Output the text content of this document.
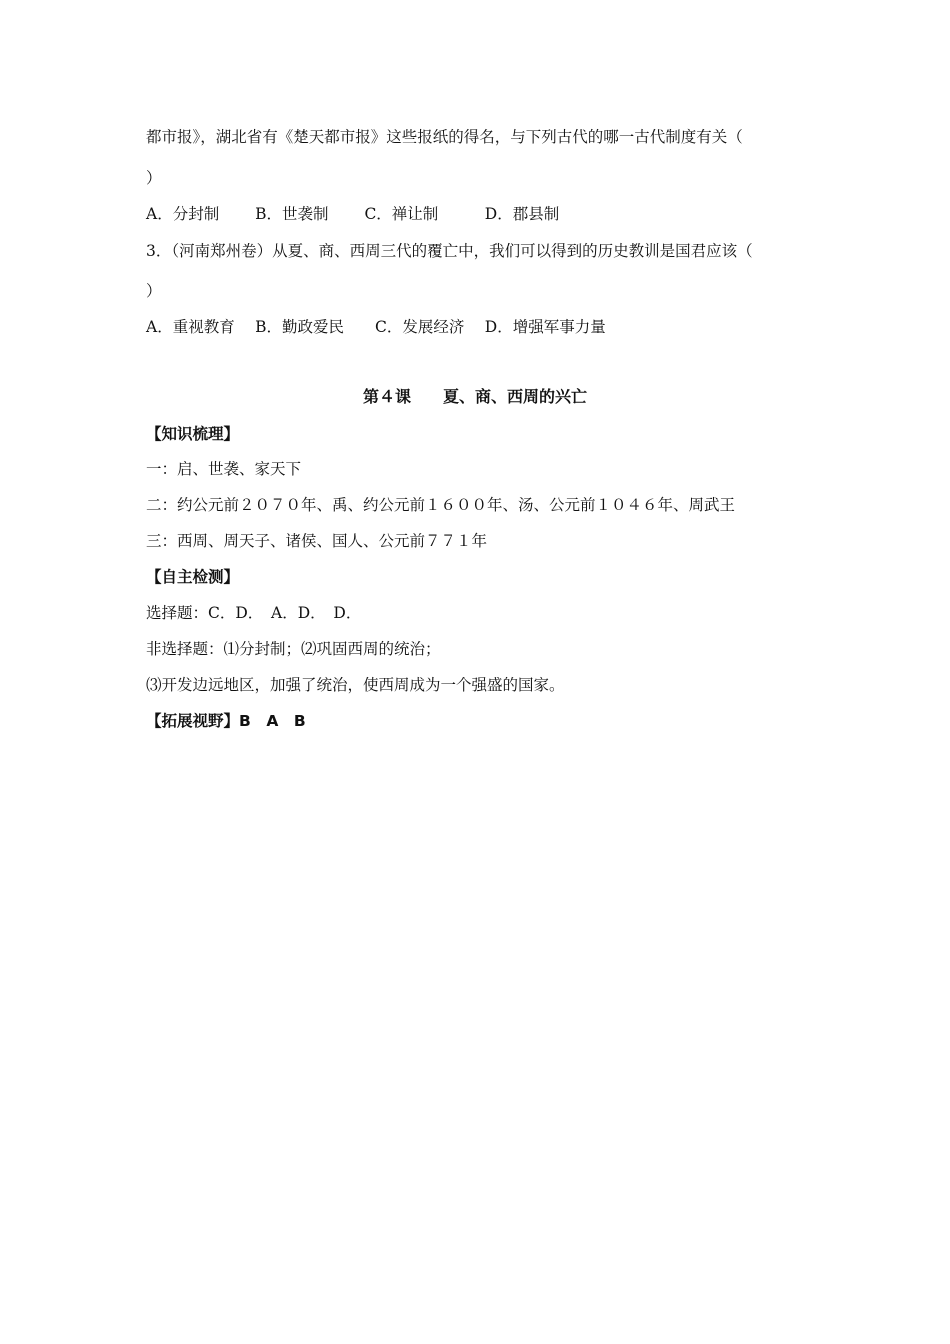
都市报》，湖北省有《楚天都市报》这些报纸的得名，与下列古代的哪一古代制度有关（
）
A．分封制　　 B．世袭制　　 C．禅让制　　　D．郡县制
3．（河南郑州卷）从夏、商、西周三代的覆亡中，我们可以得到的历史教训是国君应该（
）
A．重视教育　 B．勤政爱民　　C．发展经济　 D．增强军事力量
第４课　　夏、商、西周的兴亡
【知识梳理】
一：启、世袭、家天下
二：约公元前２０７０年、禹、约公元前１６００年、汤、公元前１０４６年、周武王
三：西周、周天子、诸侯、国人、公元前７７１年
【自主检测】
选择题：C．D．　A．D．　D．
非选择题：⑴分封制；⑵巩固西周的统治；
⑶开发边远地区，加强了统治，使西周成为一个强盛的国家。
【拓展视野】B　A　B
